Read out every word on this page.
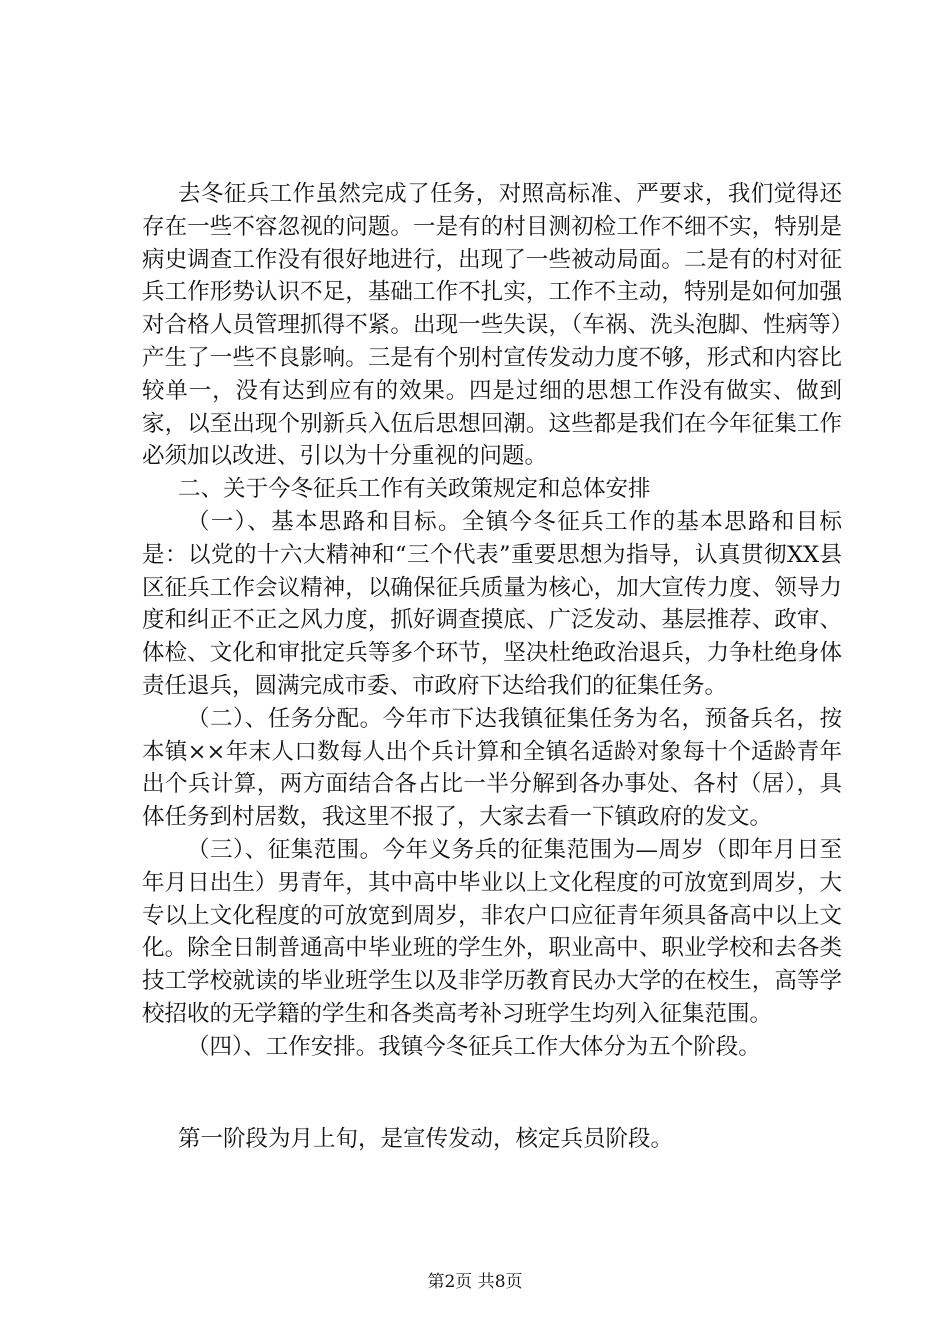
去冬征兵工作虽然完成了任务，对照高标准、严要求，我们觉得还存在一些不容忽视的问题。一是有的村目测初检工作不细不实，特别是病史调查工作没有很好地进行，出现了一些被动局面。二是有的村对征兵工作形势认识不足，基础工作不扎实，工作不主动，特别是如何加强对合格人员管理抓得不紧。出现一些失误，（车祸、洗头泡脚、性病等）产生了一些不良影响。三是有个别村宣传发动力度不够，形式和内容比较单一，没有达到应有的效果。四是过细的思想工作没有做实、做到家，以至出现个别新兵入伍后思想回潮。这些都是我们在今年征集工作必须加以改进、引以为十分重视的问题。

二、关于今冬征兵工作有关政策规定和总体安排

（一）、基本思路和目标。全镇今冬征兵工作的基本思路和目标是：以党的十六大精神和“三个代表”重要思想为指导，认真贯彻XX县区征兵工作会议精神，以确保征兵质量为核心，加大宣传力度、领导力度和纠正不正之风力度，抓好调查摸底、广泛发动、基层推荐、政审、体检、文化和审批定兵等多个环节，坚决杜绝政治退兵，力争杜绝身体责任退兵，圆满完成市委、市政府下达给我们的征集任务。

（二）、任务分配。今年市下达我镇征集任务为名，预备兵名，按本镇××年末人口数每人出个兵计算和全镇名适龄对象每十个适龄青年出个兵计算，两方面结合各占比一半分解到各办事处、各村（居），具体任务到村居数，我这里不报了，大家去看一下镇政府的发文。

（三）、征集范围。今年义务兵的征集范围为—周岁（即年月日至年月日出生）男青年，其中高中毕业以上文化程度的可放宽到周岁，大专以上文化程度的可放宽到周岁，非农户口应征青年须具备高中以上文化。除全日制普通高中毕业班的学生外，职业高中、职业学校和去各类技工学校就读的毕业班学生以及非学历教育民办大学的在校生，高等学校招收的无学籍的学生和各类高考补习班学生均列入征集范围。

（四）、工作安排。我镇今冬征兵工作大体分为五个阶段。

第一阶段为月上旬，是宣传发动，核定兵员阶段。
第2页 共8页
